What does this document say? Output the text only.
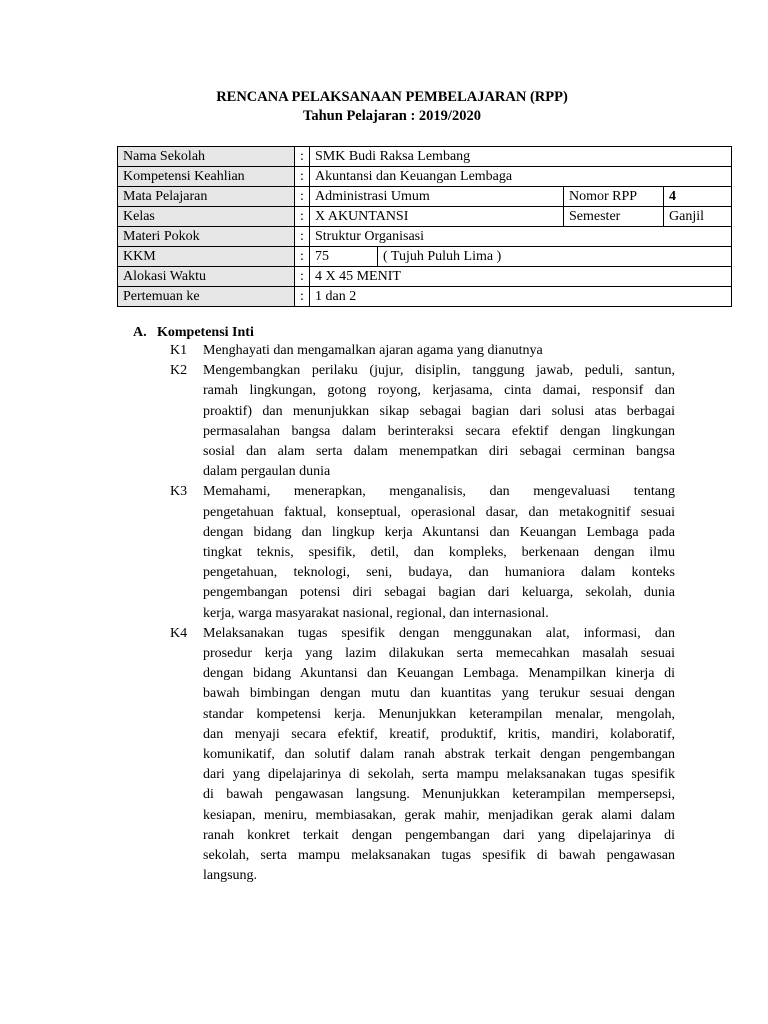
RENCANA PELAKSANAAN PEMBELAJARAN (RPP)
Tahun Pelajaran : 2019/2020
Nama Sekolah	:	SMK Budi Raksa Lembang			
Kompetensi Keahlian	:	Akuntansi dan Keuangan Lembaga			
Mata Pelajaran	:	Administrasi Umum		Nomor RPP	4
Kelas	:	X AKUNTANSI		Semester	Ganjil
Materi Pokok	:	Struktur Organisasi			
KKM	:	75	( Tujuh Puluh Lima )		
Alokasi Waktu	:	4 X 45 MENIT			
Pertemuan ke	:	1 dan 2			
A. Kompetensi Inti
K1	Menghayati dan mengamalkan ajaran agama yang dianutnya
K2	Mengembangkan perilaku (jujur, disiplin, tanggung jawab, peduli, santun,
ramah lingkungan, gotong royong, kerjasama, cinta damai, responsif dan
proaktif) dan menunjukkan sikap sebagai bagian dari solusi atas berbagai
permasalahan bangsa dalam berinteraksi secara efektif dengan lingkungan
sosial dan alam serta dalam menempatkan diri sebagai cerminan bangsa
dalam pergaulan dunia
K3	Memahami, menerapkan, menganalisis, dan mengevaluasi tentang
pengetahuan faktual, konseptual, operasional dasar, dan metakognitif sesuai
dengan bidang dan lingkup kerja Akuntansi dan Keuangan Lembaga pada
tingkat teknis, spesifik, detil, dan kompleks, berkenaan dengan ilmu
pengetahuan, teknologi, seni, budaya, dan humaniora dalam konteks
pengembangan potensi diri sebagai bagian dari keluarga, sekolah, dunia
kerja, warga masyarakat nasional, regional, dan internasional.
K4	Melaksanakan tugas spesifik dengan menggunakan alat, informasi, dan
prosedur kerja yang lazim dilakukan serta memecahkan masalah sesuai
dengan bidang Akuntansi dan Keuangan Lembaga. Menampilkan kinerja di
bawah bimbingan dengan mutu dan kuantitas yang terukur sesuai dengan
standar kompetensi kerja. Menunjukkan keterampilan menalar, mengolah,
dan menyaji secara efektif, kreatif, produktif, kritis, mandiri, kolaboratif,
komunikatif, dan solutif dalam ranah abstrak terkait dengan pengembangan
dari yang dipelajarinya di sekolah, serta mampu melaksanakan tugas spesifik
di bawah pengawasan langsung. Menunjukkan keterampilan mempersepsi,
kesiapan, meniru, membiasakan, gerak mahir, menjadikan gerak alami dalam
ranah konkret terkait dengan pengembangan dari yang dipelajarinya di
sekolah, serta mampu melaksanakan tugas spesifik di bawah pengawasan
langsung.
